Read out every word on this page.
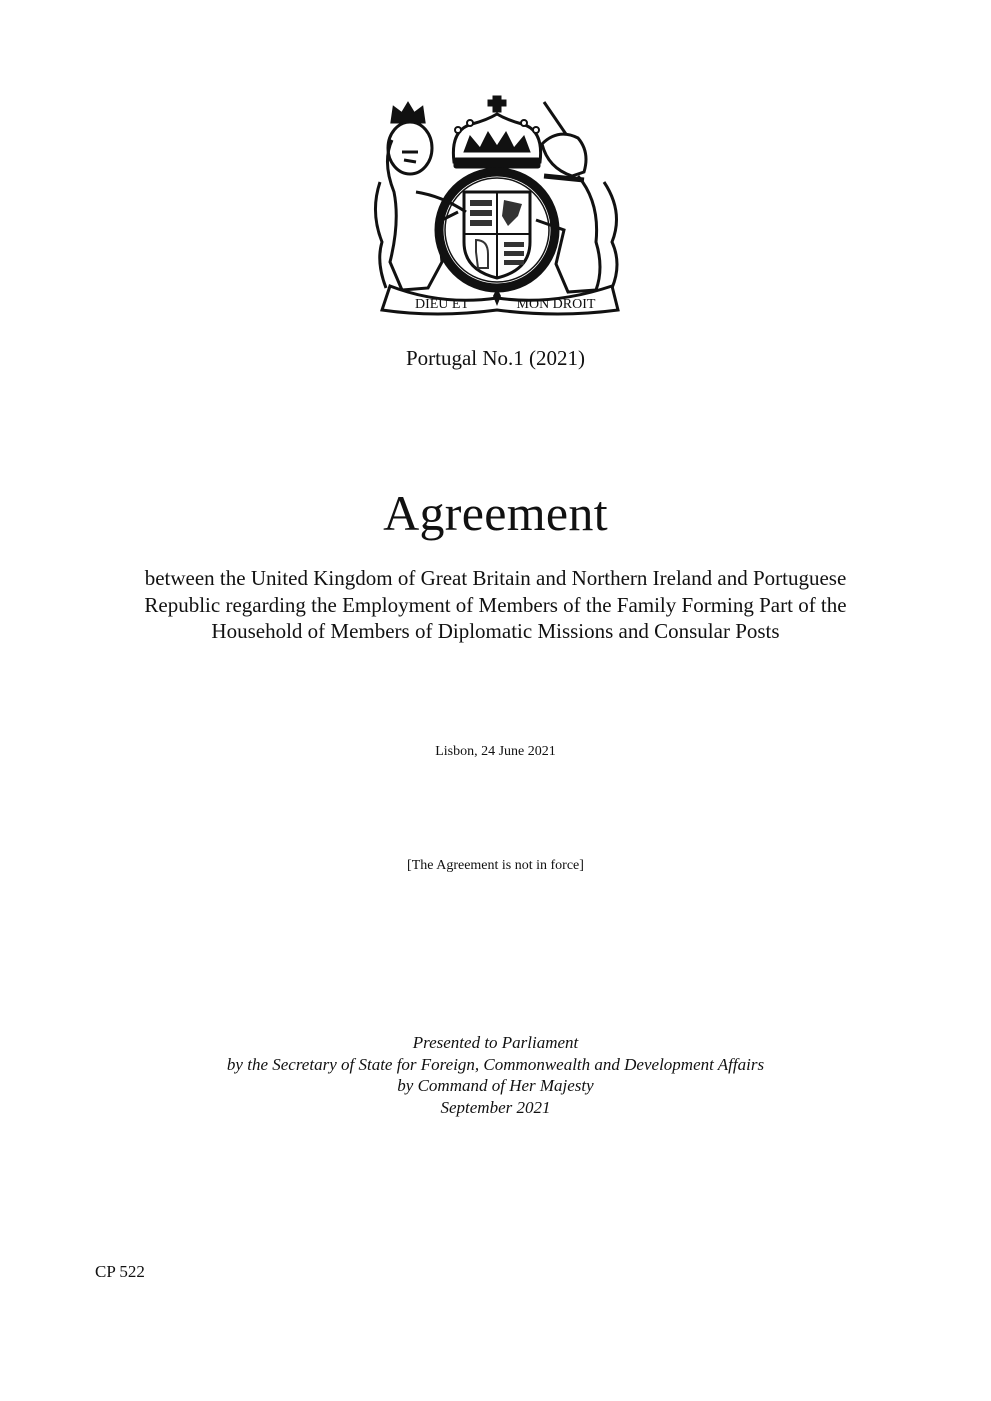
DIEU ET	MON DROIT
Portugal No.1 (2021)
Agreement
between the United Kingdom of Great Britain and Northern Ireland and Portuguese
Republic regarding the Employment of Members of the Family Forming Part of the
Household of Members of Diplomatic Missions and Consular Posts
Lisbon, 24 June 2021
[The Agreement is not in force]
Presented to Parliament
by the Secretary of State for Foreign, Commonwealth and Development Affairs
by Command of Her Majesty
September 2021
CP 522
